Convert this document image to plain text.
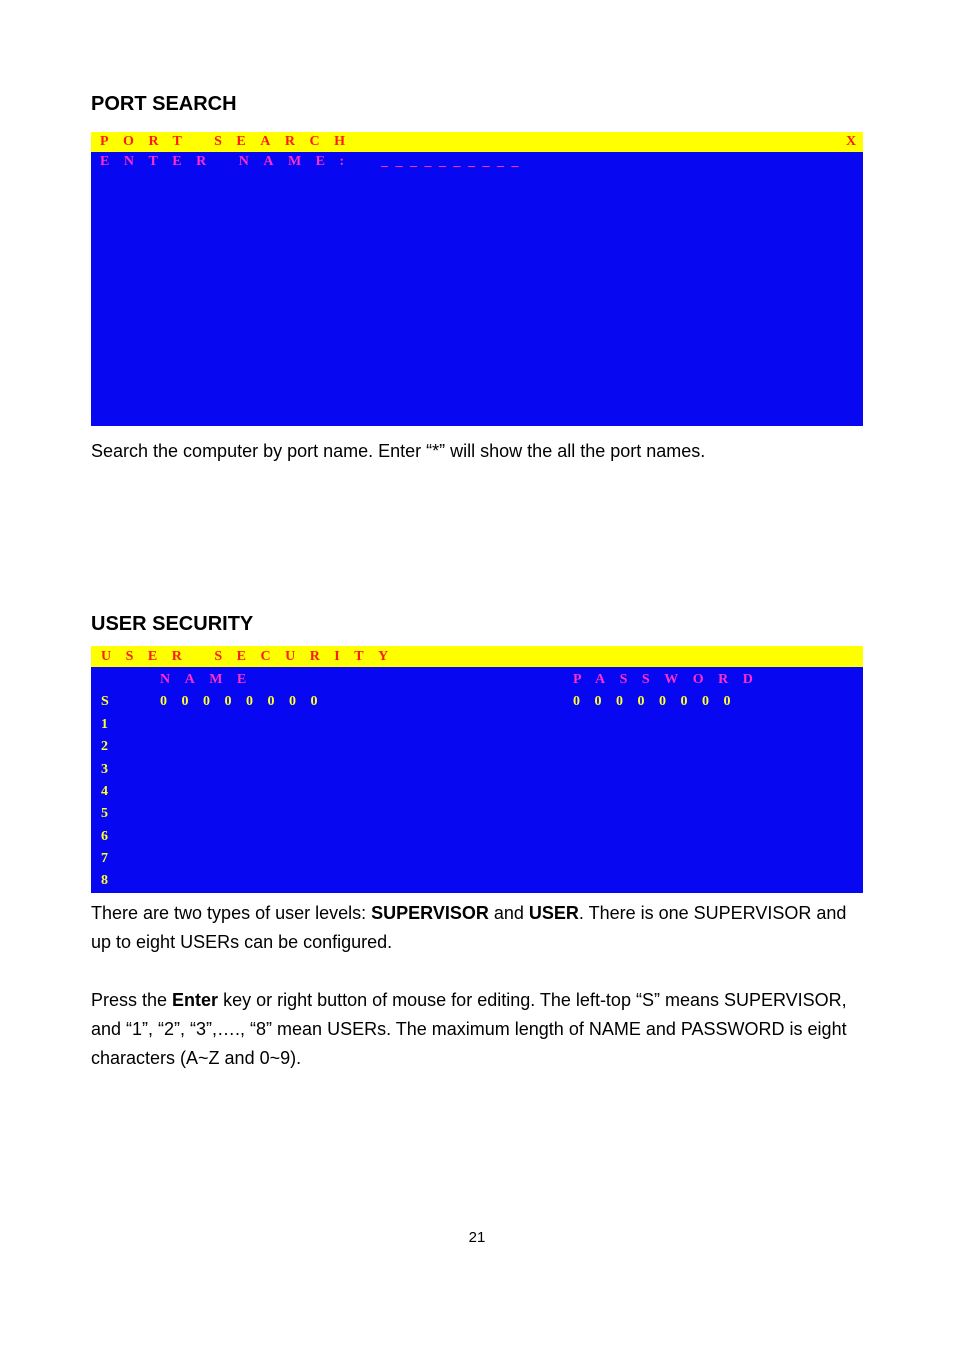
PORT SEARCH
PORT SEARCH	X
ENTER NAME: _ _ _ _ _ _ _ _ _ _
Search the computer by port name. Enter “*” will show the all the port names.
USER SECURITY
USER SECURITY
NAME	PASSWORD
S	00000000	00000000
1
2
3
4
5
6
7
8

There are two types of user levels: SUPERVISOR and USER. There is one SUPERVISOR and up to eight USERs can be configured.

Press the Enter key or right button of mouse for editing. The left-top “S” means SUPERVISOR, and “1”, “2”, “3”,…., “8” mean USERs. The maximum length of NAME and PASSWORD is eight characters (A~Z and 0~9).

21
